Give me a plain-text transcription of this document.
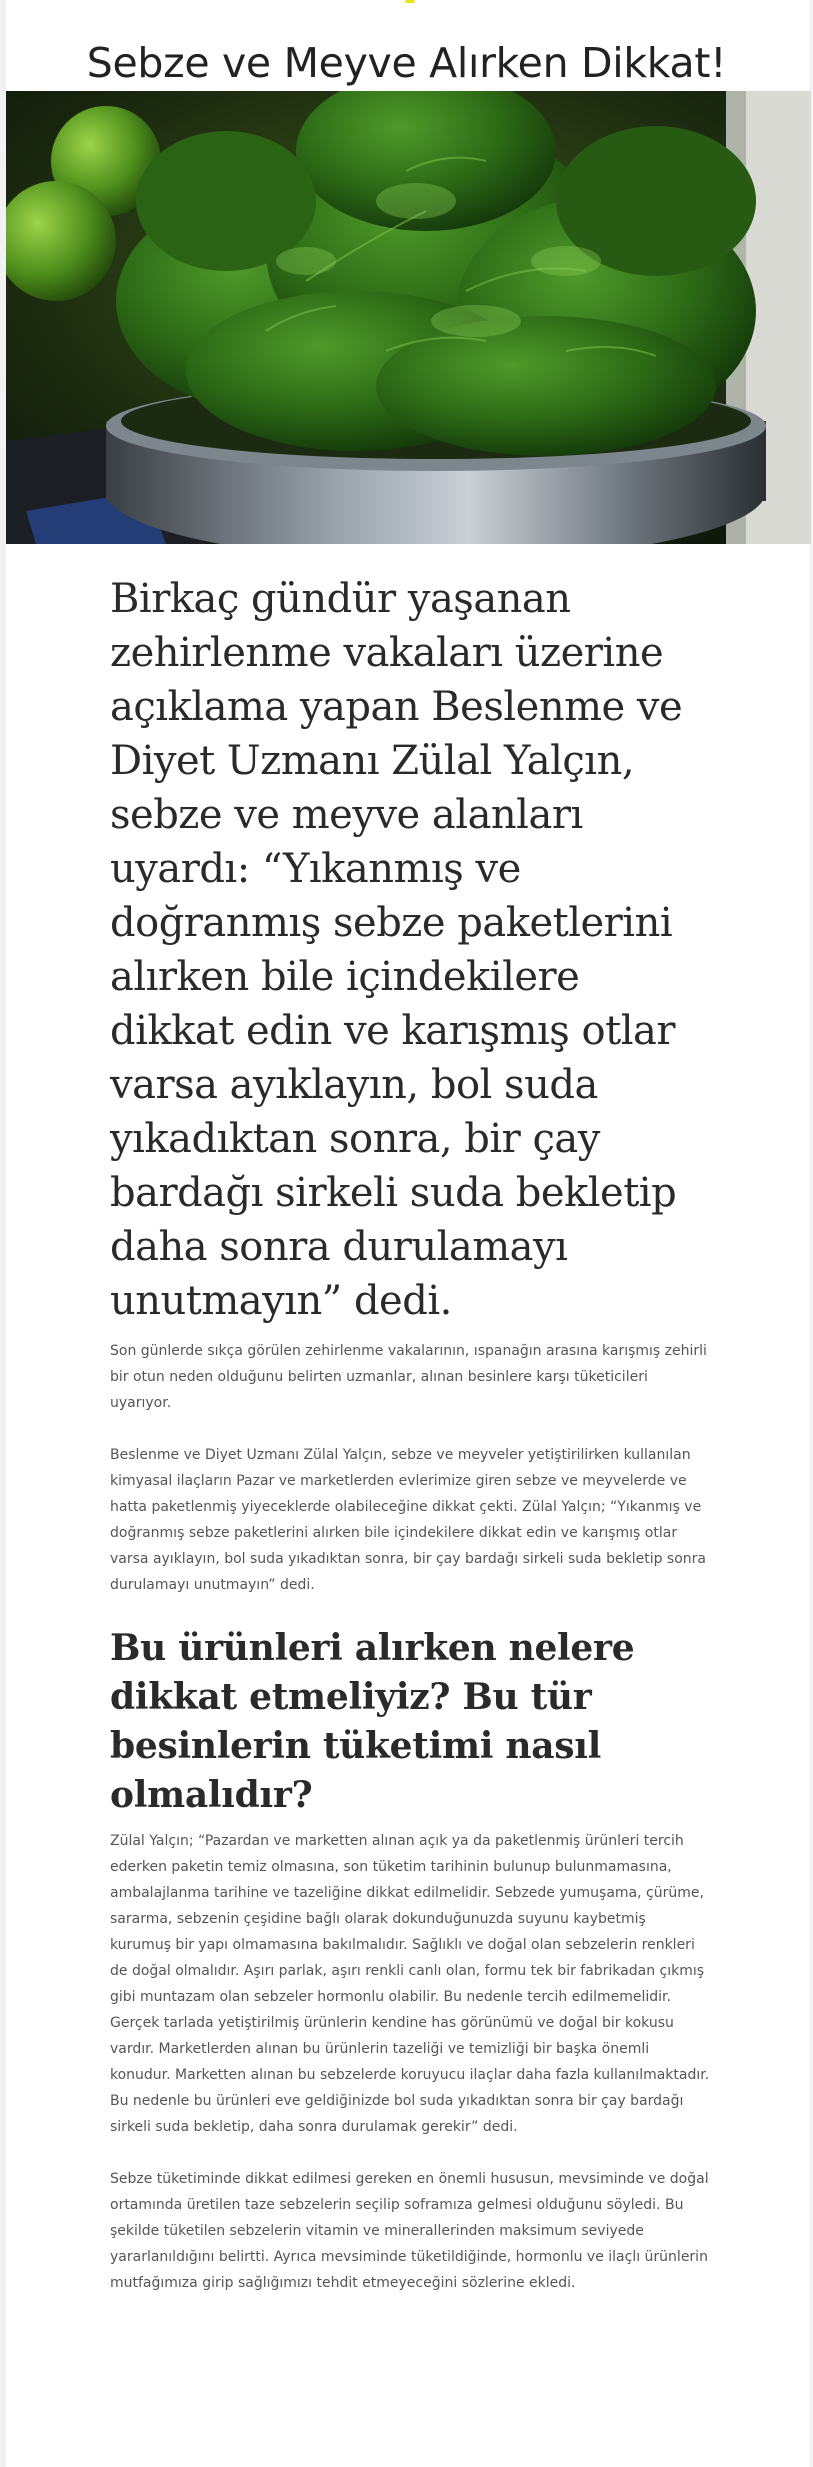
Sebze ve Meyve Alırken Dikkat!

Birkaç gündür yaşanan zehirlenme vakaları üzerine açıklama yapan Beslenme ve Diyet Uzmanı Zülal Yalçın, sebze ve meyve alanları uyardı: “Yıkanmış ve doğranmış sebze paketlerini alırken bile içindekilere dikkat edin ve karışmış otlar varsa ayıklayın, bol suda yıkadıktan sonra, bir çay bardağı sirkeli suda bekletip daha sonra durulamayı unutmayın” dedi.

Son günlerde sıkça görülen zehirlenme vakalarının, ıspanağın arasına karışmış zehirli bir otun neden olduğunu belirten uzmanlar, alınan besinlere karşı tüketicileri uyarıyor.

Beslenme ve Diyet Uzmanı Zülal Yalçın, sebze ve meyveler yetiştirilirken kullanılan kimyasal ilaçların Pazar ve marketlerden evlerimize giren sebze ve meyvelerde ve hatta paketlenmiş yiyeceklerde olabileceğine dikkat çekti. Zülal Yalçın; “Yıkanmış ve doğranmış sebze paketlerini alırken bile içindekilere dikkat edin ve karışmış otlar varsa ayıklayın, bol suda yıkadıktan sonra, bir çay bardağı sirkeli suda bekletip sonra durulamayı unutmayın” dedi.

Bu ürünleri alırken nelere dikkat etmeliyiz? Bu tür besinlerin tüketimi nasıl olmalıdır?

Zülal Yalçın; “Pazardan ve marketten alınan açık ya da paketlenmiş ürünleri tercih ederken paketin temiz olmasına, son tüketim tarihinin bulunup bulunmamasına, ambalajlanma tarihine ve tazeliğine dikkat edilmelidir. Sebzede yumuşama, çürüme, sararma, sebzenin çeşidine bağlı olarak dokunduğunuzda suyunu kaybetmiş kurumuş bir yapı olmamasına bakılmalıdır. Sağlıklı ve doğal olan sebzelerin renkleri de doğal olmalıdır. Aşırı parlak, aşırı renkli canlı olan, formu tek bir fabrikadan çıkmış gibi muntazam olan sebzeler hormonlu olabilir. Bu nedenle tercih edilmemelidir. Gerçek tarlada yetiştirilmiş ürünlerin kendine has görünümü ve doğal bir kokusu vardır. Marketlerden alınan bu ürünlerin tazeliği ve temizliği bir başka önemli konudur. Marketten alınan bu sebzelerde koruyucu ilaçlar daha fazla kullanılmaktadır. Bu nedenle bu ürünleri eve geldiğinizde bol suda yıkadıktan sonra bir çay bardağı sirkeli suda bekletip, daha sonra durulamak gerekir” dedi.

Sebze tüketiminde dikkat edilmesi gereken en önemli hususun, mevsiminde ve doğal ortamında üretilen taze sebzelerin seçilip soframıza gelmesi olduğunu söyledi. Bu şekilde tüketilen sebzelerin vitamin ve minerallerinden maksimum seviyede yararlanıldığını belirtti. Ayrıca mevsiminde tüketildiğinde, hormonlu ve ilaçlı ürünlerin mutfağımıza girip sağlığımızı tehdit etmeyeceğini sözlerine ekledi.
